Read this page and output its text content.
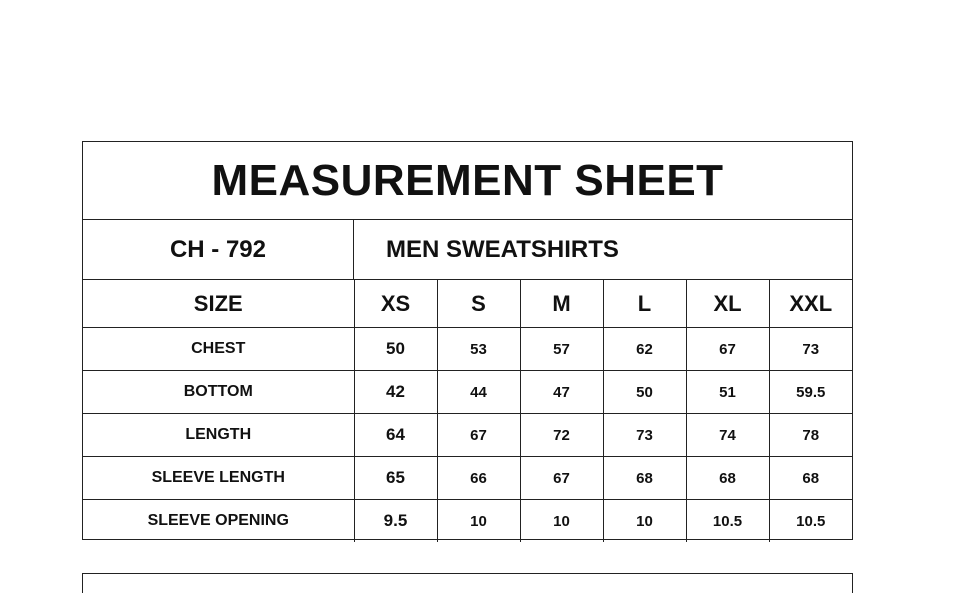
MEASUREMENT SHEET
CH - 792	MEN SWEATSHIRTS
SIZE	XS	S	M	L	XL	XXL
CHEST	50	53	57	62	67	73
BOTTOM	42	44	47	50	51	59.5
LENGTH	64	67	72	73	74	78
SLEEVE LENGTH	65	66	67	68	68	68
SLEEVE OPENING	9.5	10	10	10	10.5	10.5
